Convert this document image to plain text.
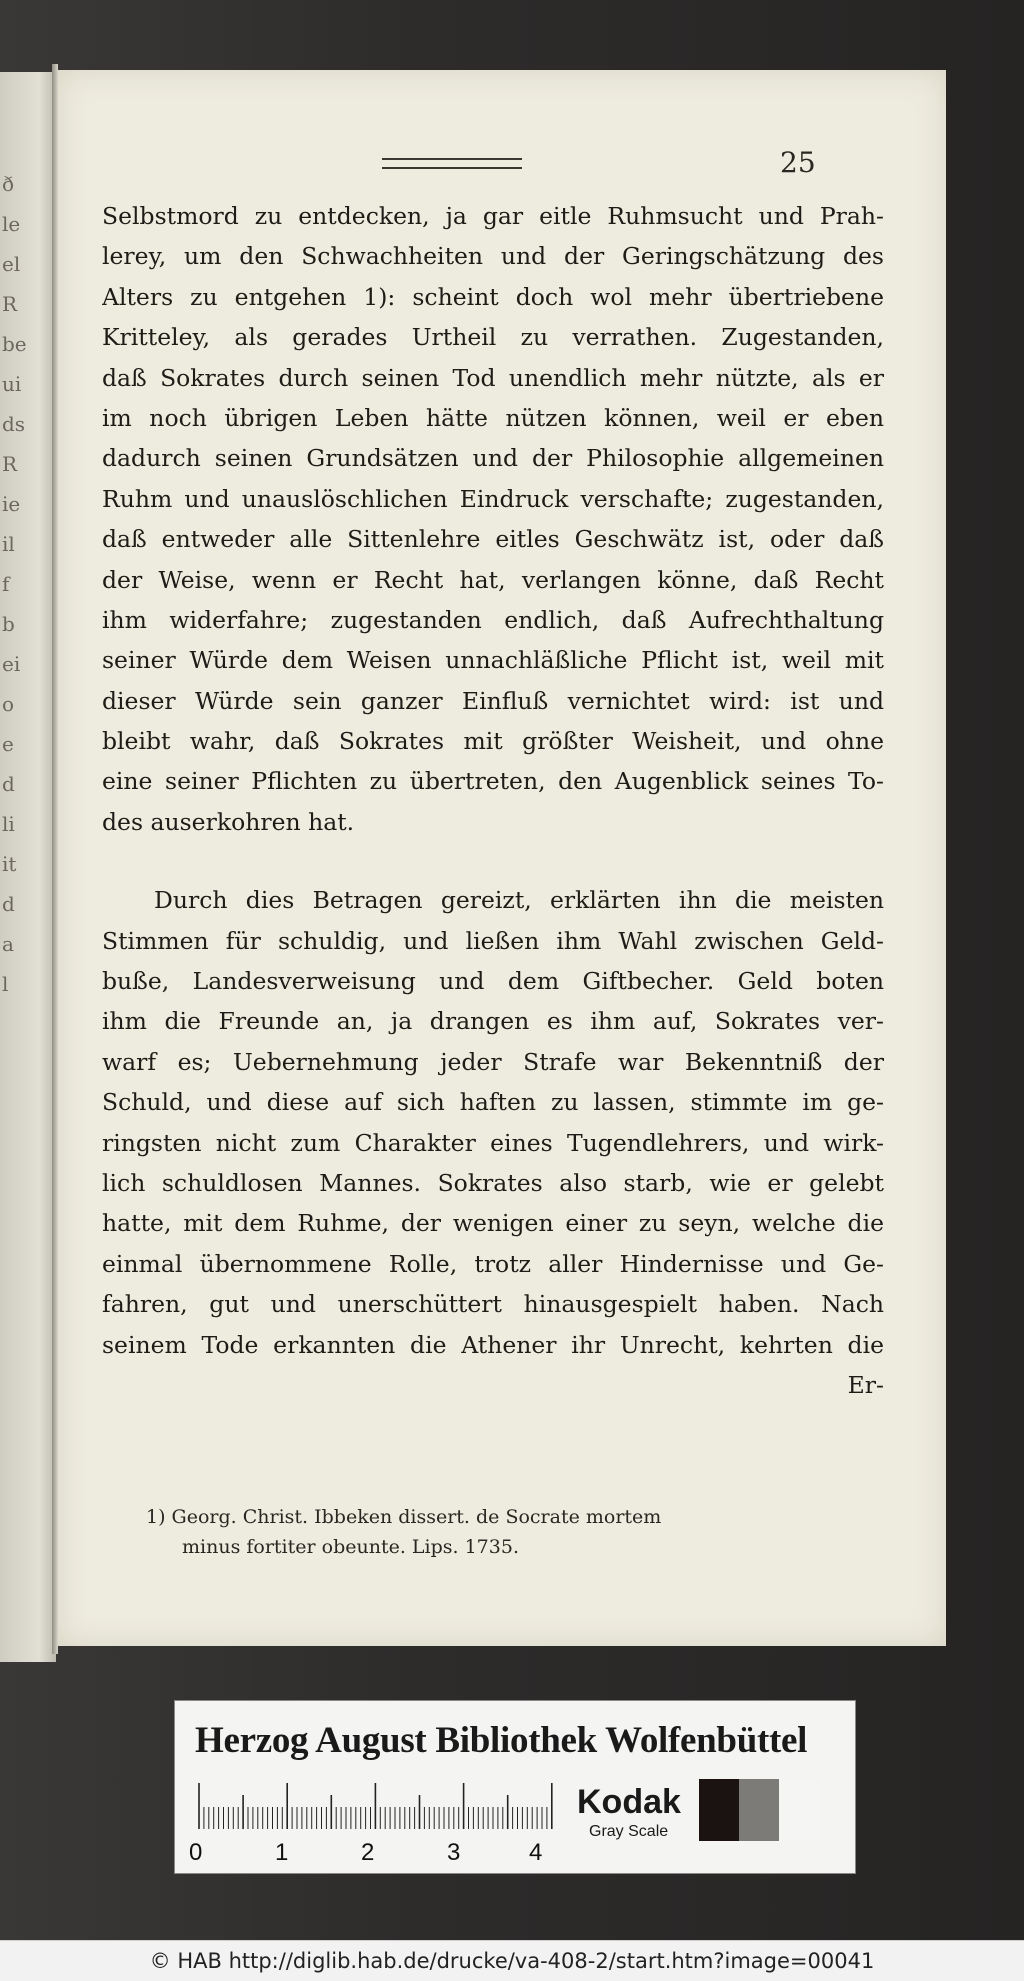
ð
le
el
R
be
ui
ds
R
ie
il
f
b
ei
o
e
d
li
it
d
a
l
25
Selbstmord zu entdecken, ja gar eitle Ruhmsucht und Prah-
lerey, um den Schwachheiten und der Geringschätzung des
Alters zu entgehen 1): scheint doch wol mehr übertriebene
Kritteley, als gerades Urtheil zu verrathen. Zugestanden,
daß Sokrates durch seinen Tod unendlich mehr nützte, als er
im noch übrigen Leben hätte nützen können, weil er eben
dadurch seinen Grundsätzen und der Philosophie allgemeinen
Ruhm und unauslöschlichen Eindruck verschafte; zugestanden,
daß entweder alle Sittenlehre eitles Geschwätz ist, oder daß
der Weise, wenn er Recht hat, verlangen könne, daß Recht
ihm widerfahre; zugestanden endlich, daß Aufrechthaltung
seiner Würde dem Weisen unnachläßliche Pflicht ist, weil mit
dieser Würde sein ganzer Einfluß vernichtet wird: ist und
bleibt wahr, daß Sokrates mit größter Weisheit, und ohne
eine seiner Pflichten zu übertreten, den Augenblick seines To-
des auserkohren hat.
Durch dies Betragen gereizt, erklärten ihn die meisten
Stimmen für schuldig, und ließen ihm Wahl zwischen Geld-
buße, Landesverweisung und dem Giftbecher. Geld boten
ihm die Freunde an, ja drangen es ihm auf, Sokrates ver-
warf es; Uebernehmung jeder Strafe war Bekenntniß der
Schuld, und diese auf sich haften zu lassen, stimmte im ge-
ringsten nicht zum Charakter eines Tugendlehrers, und wirk-
lich schuldlosen Mannes. Sokrates also starb, wie er gelebt
hatte, mit dem Ruhme, der wenigen einer zu seyn, welche die
einmal übernommene Rolle, trotz aller Hindernisse und Ge-
fahren, gut und unerschüttert hinausgespielt haben. Nach
seinem Tode erkannten die Athener ihr Unrecht, kehrten die
Er-
1) Georg. Christ. Ibbeken dissert. de Socrate mortem
minus fortiter obeunte. Lips. 1735.
Herzog August Bibliothek Wolfenbüttel
0	1	2	3	4
Kodak
Gray Scale
© HAB http://diglib.hab.de/drucke/va-408-2/start.htm?image=00041
